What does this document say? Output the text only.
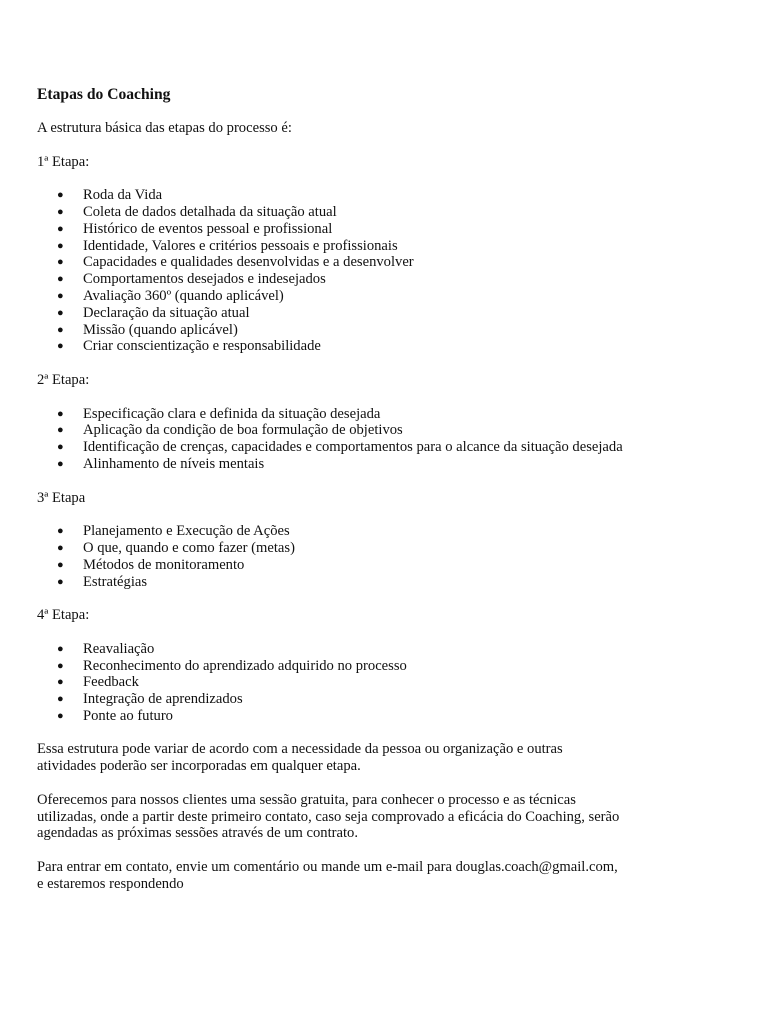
Etapas do Coaching

A estrutura básica das etapas do processo é:

1ª Etapa:
● Roda da Vida
● Coleta de dados detalhada da situação atual
● Histórico de eventos pessoal e profissional
● Identidade, Valores e critérios pessoais e profissionais
● Capacidades e qualidades desenvolvidas e a desenvolver
● Comportamentos desejados e indesejados
● Avaliação 360º (quando aplicável)
● Declaração da situação atual
● Missão (quando aplicável)
● Criar conscientização e responsabilidade
2ª Etapa:
● Especificação clara e definida da situação desejada
● Aplicação da condição de boa formulação de objetivos
● Identificação de crenças, capacidades e comportamentos para o alcance da situação desejada
● Alinhamento de níveis mentais
3ª Etapa
● Planejamento e Execução de Ações
● O que, quando e como fazer (metas)
● Métodos de monitoramento
● Estratégias
4ª Etapa:
● Reavaliação
● Reconhecimento do aprendizado adquirido no processo
● Feedback
● Integração de aprendizados
● Ponte ao futuro

Essa estrutura pode variar de acordo com a necessidade da pessoa ou organização e outras
atividades poderão ser incorporadas em qualquer etapa.

Oferecemos para nossos clientes uma sessão gratuita, para conhecer o processo e as técnicas
utilizadas, onde a partir deste primeiro contato, caso seja comprovado a eficácia do Coaching, serão
agendadas as próximas sessões através de um contrato.

Para entrar em contato, envie um comentário ou mande um e-mail para douglas.coach@gmail.com,
e estaremos respondendo
